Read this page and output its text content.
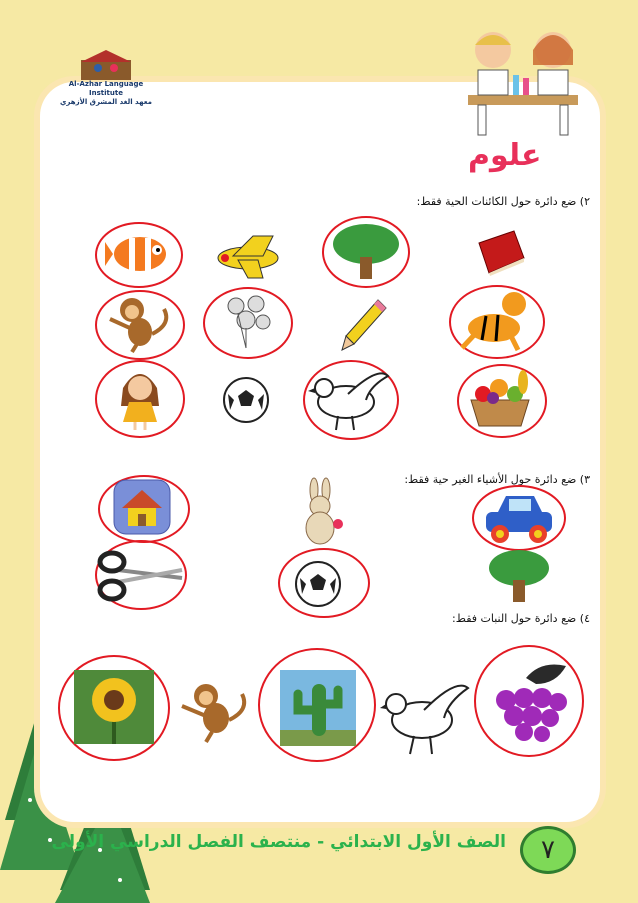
Al-Azhar Language Institute
معهد الغد المشرق الأزهري
علوم
٢) ضع دائرة حول الكائنات الحية فقط:
٣) ضع دائرة حول الأشياء الغير حية فقط:
٤) ضع دائرة حول النبات فقط:
الصف الأول الابتدائي - منتصف الفصل الدراسي الأولى	٧
